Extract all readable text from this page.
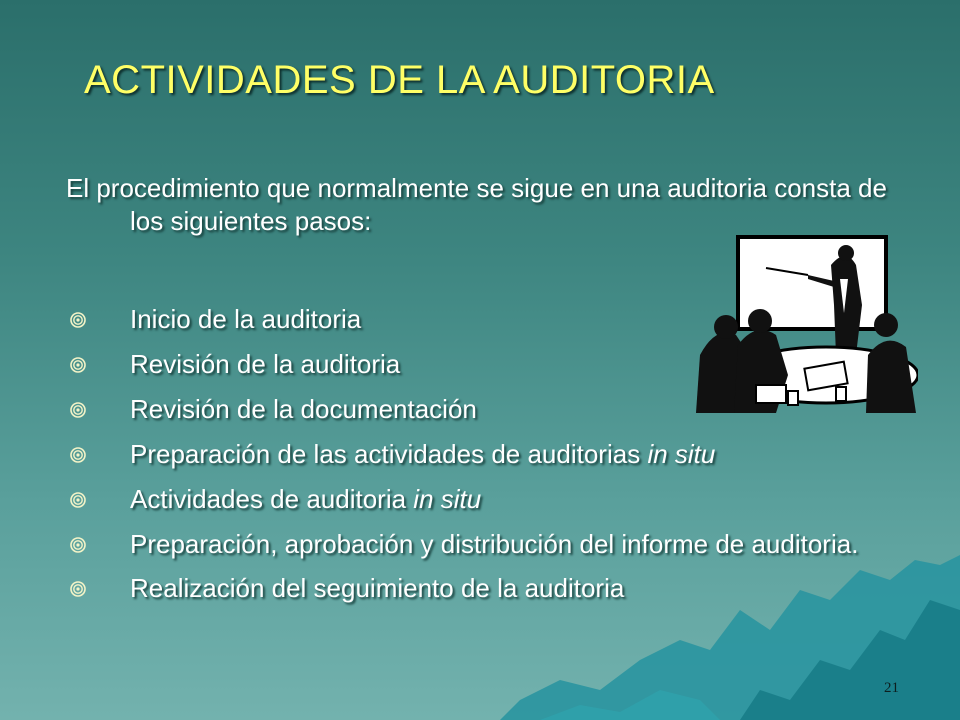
ACTIVIDADES DE LA AUDITORIA

El procedimiento que normalmente se sigue en una auditoria consta de los siguientes pasos:

Inicio de la auditoria
Revisión de la auditoria
Revisión de la documentación
Preparación de las actividades de auditorias in situ
Actividades de auditoria in situ
Preparación, aprobación y distribución del informe de auditoria.
Realización del seguimiento de la auditoria
21
